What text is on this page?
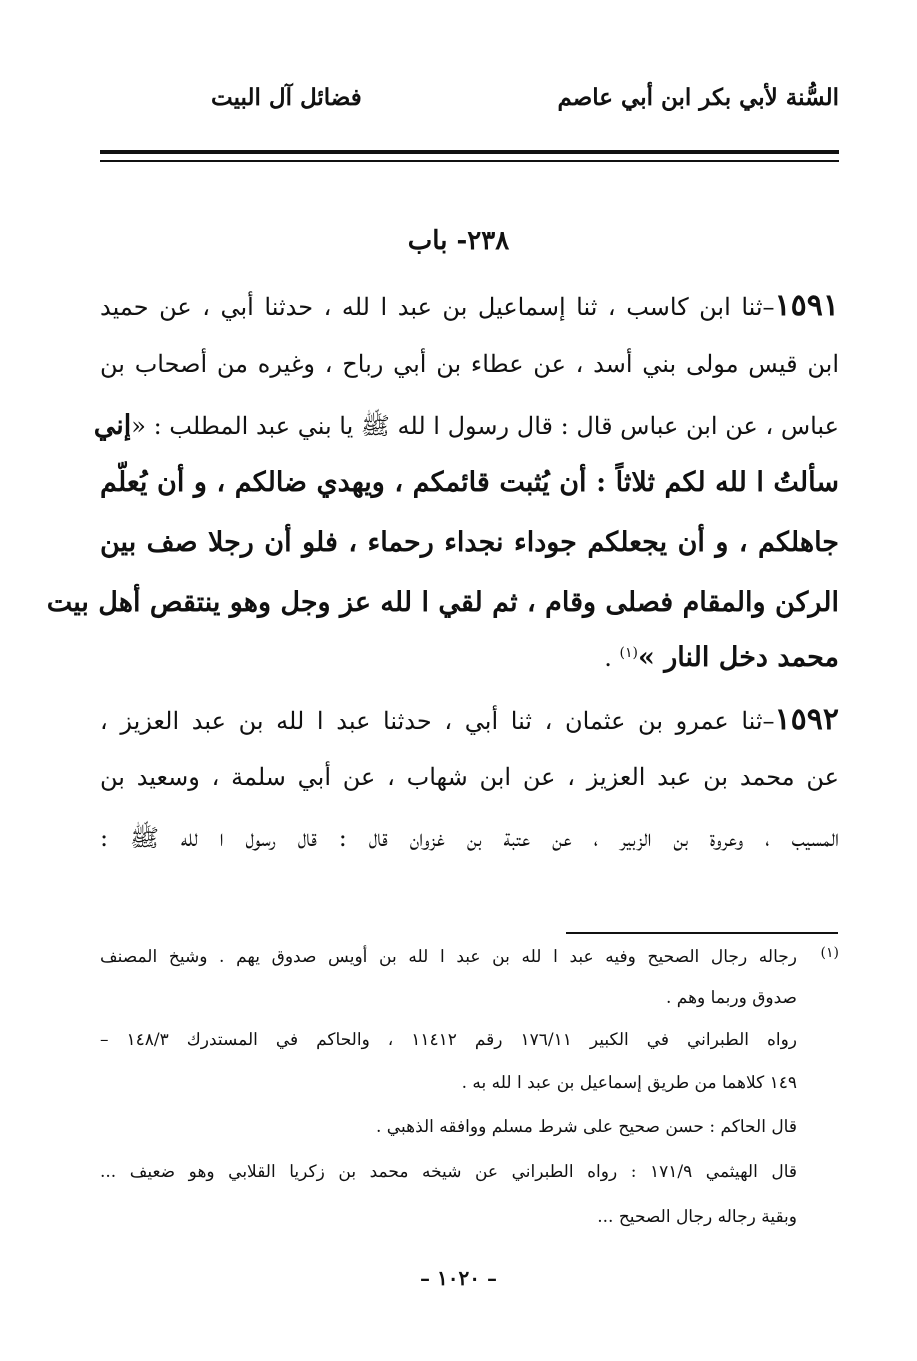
السُّنة لأبي بكر ابن أبي عاصم
فضائل آل البيت
٢٣٨- باب
١٥٩١–ثنا ابن كاسب ، ثنا إسماعيل بن عبد ا لله ، حدثنا أبي ، عن حميد
ابن قيس مولى بني أسد ، عن عطاء بن أبي رباح ، وغيره من أصحاب بن
عباس ، عن ابن عباس قال : قال رسول ا لله ﷺ يا بني عبد المطلب : «إني
سألتُ ا لله لكم ثلاثاً : أن يُثبت قائمكم ، ويهدي ضالكم ، و أن يُعلّم
جاهلكم ، و أن يجعلكم جوداء نجداء رحماء ، فلو أن رجلا صف بين
الركن والمقام فصلى وقام ، ثم لقي ا لله عز وجل وهو ينتقص أهل بيت
محمد دخل النار »$^{(١)}$ .
١٥٩٢–ثنا عمرو بن عثمان ، ثنا أبي ، حدثنا عبد ا لله بن عبد العزيز ،
عن محمد بن عبد العزيز ، عن ابن شهاب ، عن أبي سلمة ، وسعيد بن
المسيب ، وعروة بن الزبير ، عن عتبة بن غزوان قال : قال رسول ا لله ﷺ :
(١)
رجاله رجال الصحيح وفيه عبد ا لله بن عبد ا لله بن أويس صدوق يهم . وشيخ المصنف
صدوق وربما وهم .
رواه الطبراني في الكبير ١٧٦/١١ رقم ١١٤١٢ ، والحاكم في المستدرك ١٤٨/٣ –
١٤٩ كلاهما من طريق إسماعيل بن عبد ا لله به .
قال الحاكم : حسن صحيح على شرط مسلم ووافقه الذهبي .
قال الهيثمي ١٧١/٩ : رواه الطبراني عن شيخه محمد بن زكريا القلابي وهو ضعيف ...
وبقية رجاله رجال الصحيح ...
– ١٠٢٠ –
